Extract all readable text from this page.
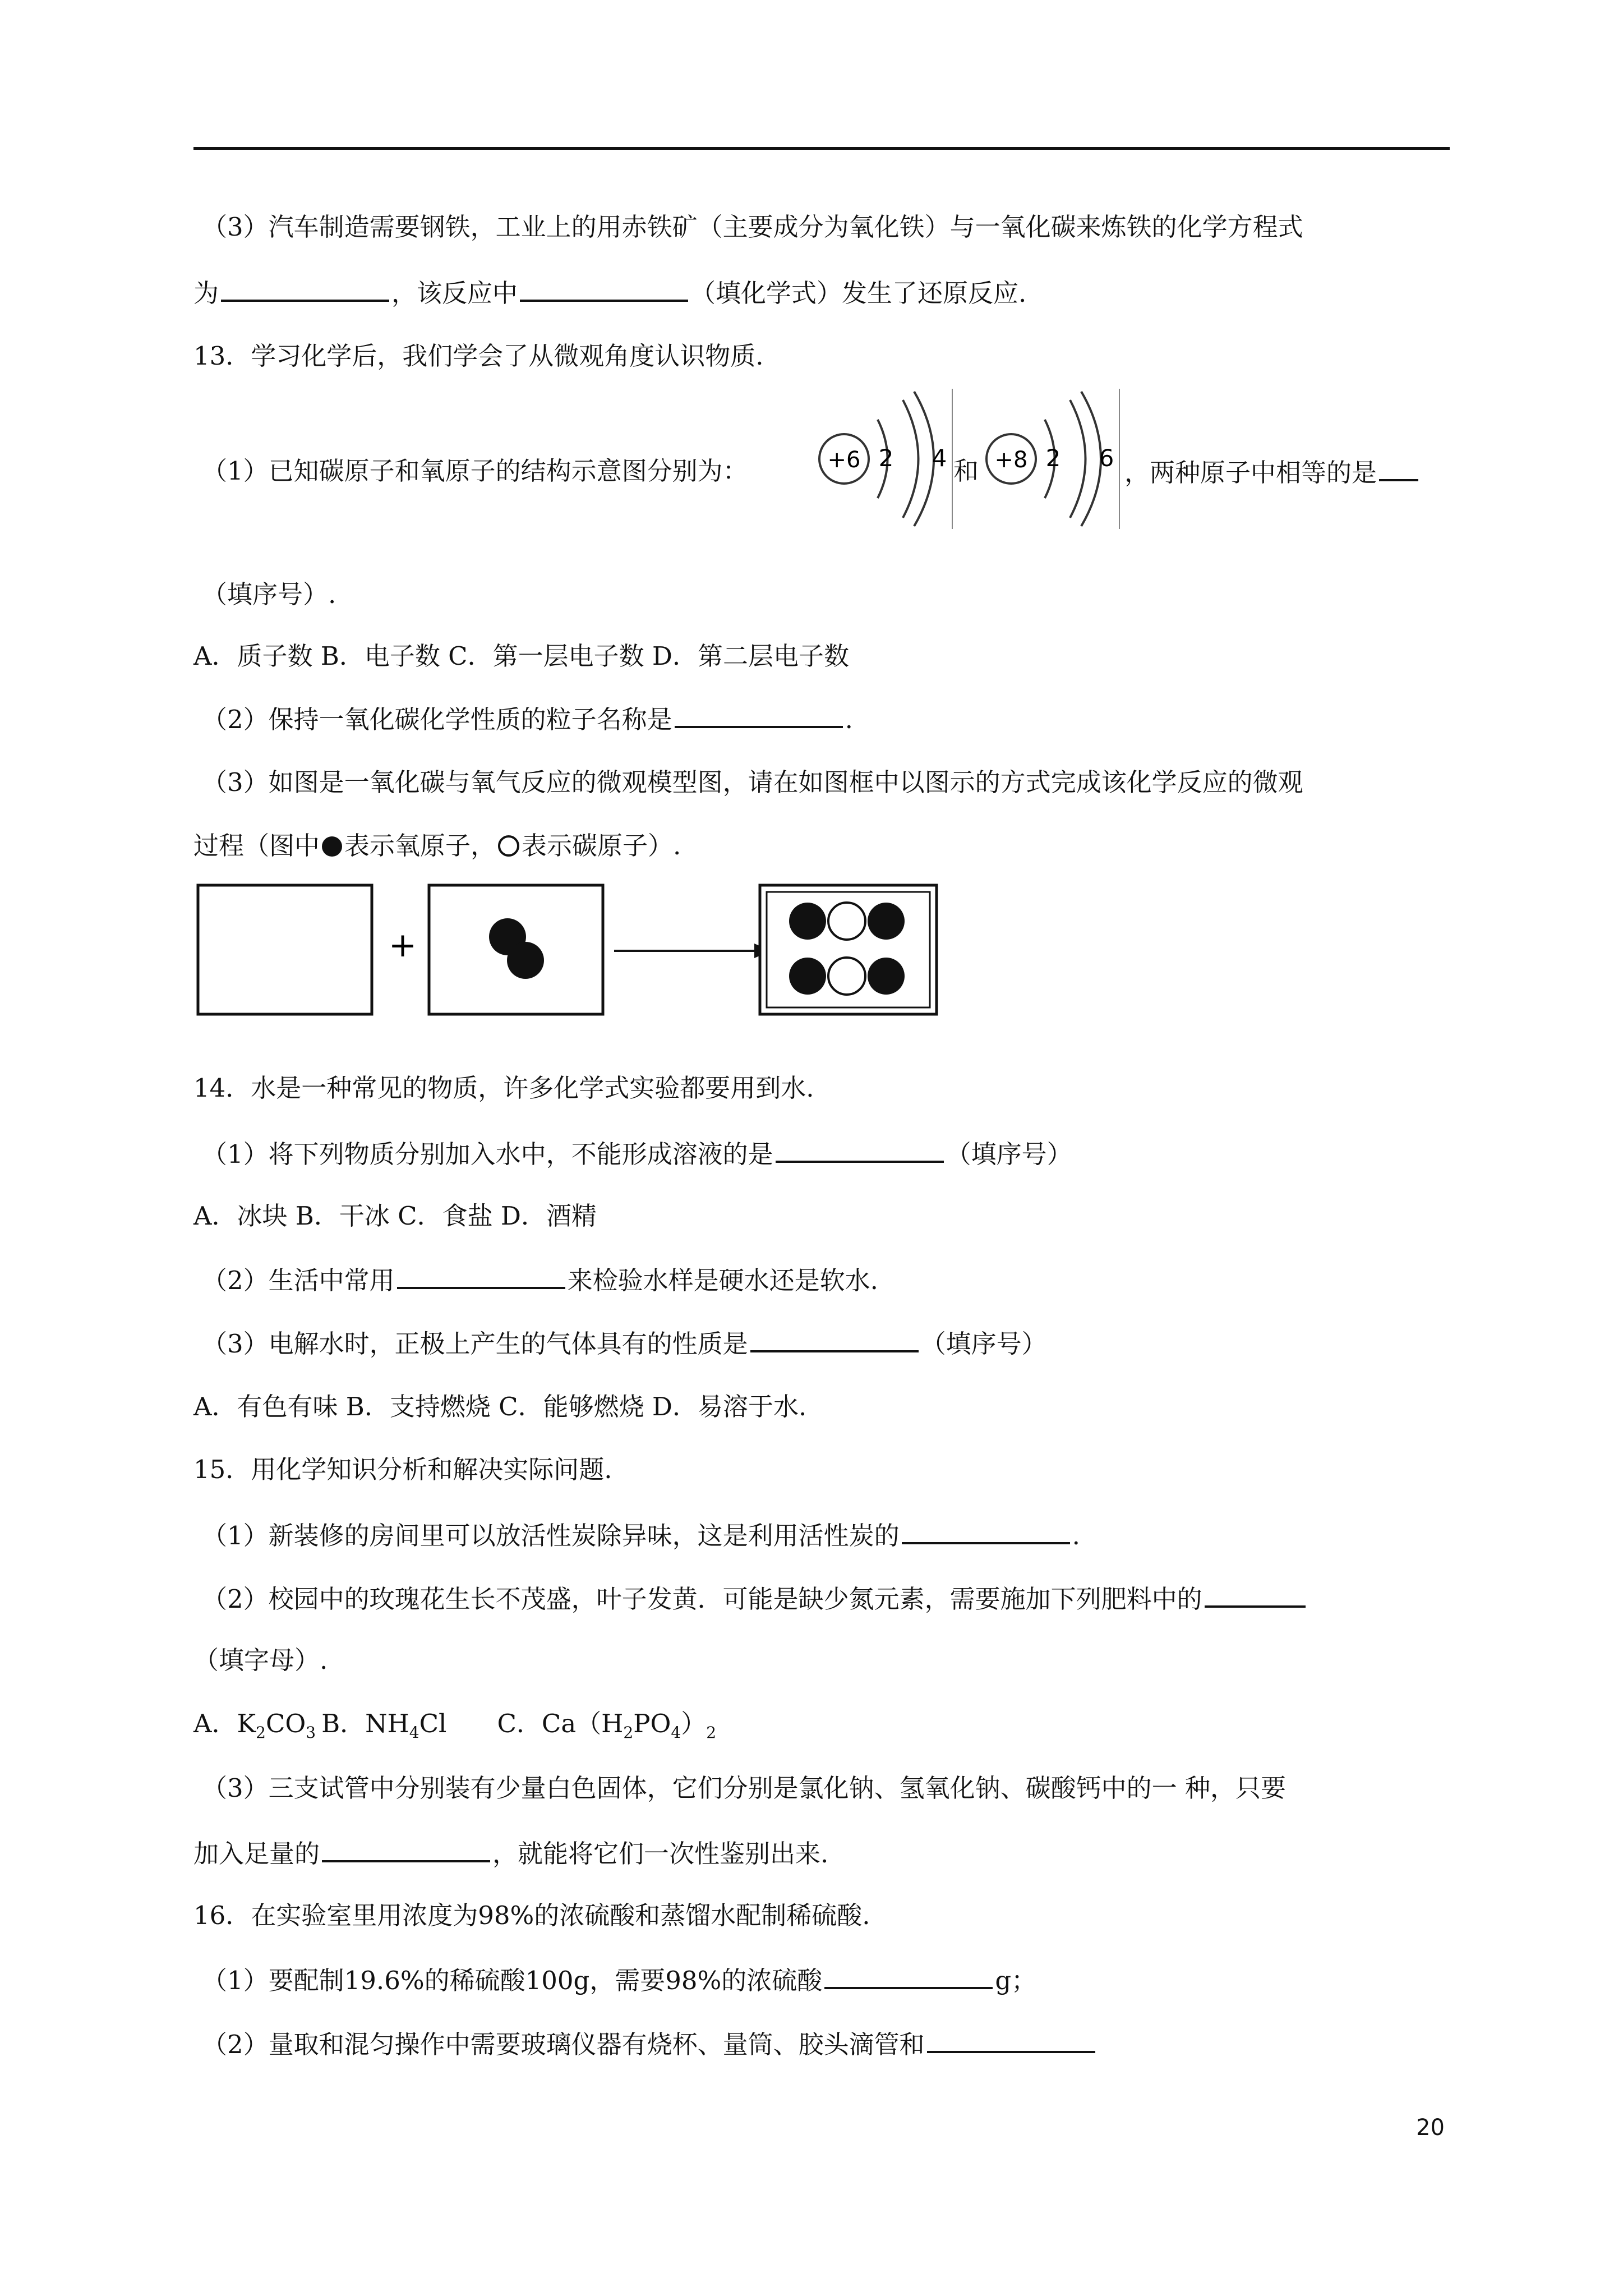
（3）汽车制造需要钢铁，工业上的用赤铁矿（主要成分为氧化铁）与一氧化碳来炼铁的化学方程式
为	，该反应中	（填化学式）发生了还原反应.
13．学习化学后，我们学会了从微观角度认识物质.
（1）已知碳原子和氧原子的结构示意图分别为：	+6 2 4 和 +8 2 6 ，两种原子中相等的是
（填序号）.
A．质子数 B．电子数 C．第一层电子数 D．第二层电子数
（2）保持一氧化碳化学性质的粒子名称是	.
（3）如图是一氧化碳与氧气反应的微观模型图，请在如图框中以图示的方式完成该化学反应的微观
过程（图中 表示氧原子， 表示碳原子）.
+
14．水是一种常见的物质，许多化学式实验都要用到水.
（1）将下列物质分别加入水中，不能形成溶液的是	（填序号）
A．冰块 B．干冰 C．食盐 D．酒精
（2）生活中常用	来检验水样是硬水还是软水.
（3）电解水时，正极上产生的气体具有的性质是	（填序号）
A．有色有味 B．支持燃烧 C．能够燃烧 D．易溶于水.
15．用化学知识分析和解决实际问题.
（1）新装修的房间里可以放活性炭除异味，这是利用活性炭的	.
（2）校园中的玫瑰花生长不茂盛，叶子发黄．可能是缺少氮元素，需要施加下列肥料中的
（填字母）.
A．$K_2CO_3$ B．$NH_4Cl$ C．$Ca(H_2PO_4)_2$
（3）三支试管中分别装有少量白色固体，它们分别是氯化钠、氢氧化钠、碳酸钙中的一 种，只要
加入足量的	，就能将它们一次性鉴别出来.
16．在实验室里用浓度为98%的浓硫酸和蒸馏水配制稀硫酸.
（1）要配制19.6%的稀硫酸100g，需要98%的浓硫酸	g；
（2）量取和混匀操作中需要玻璃仪器有烧杯、量筒、胶头滴管和
20
